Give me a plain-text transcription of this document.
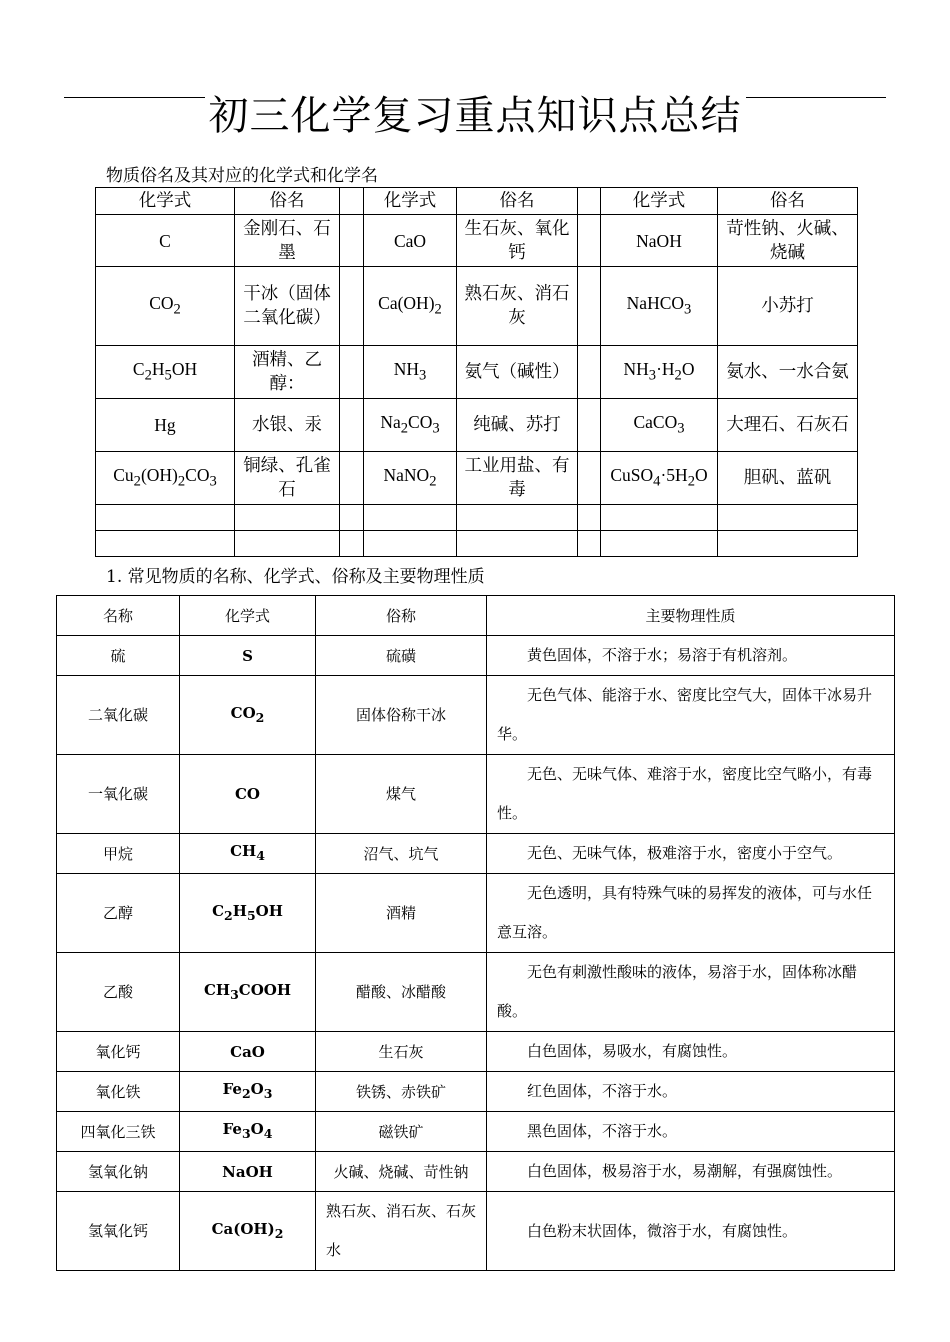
初三化学复习重点知识点总结
物质俗名及其对应的化学式和化学名
化学式	俗名		化学式	俗名		化学式	俗名
C	金刚石、石墨		CaO	生石灰、氧化钙		NaOH	苛性钠、火碱、烧碱
$CO_2$	干冰（固体二氧化碳）		$Ca(OH)_2$	熟石灰、消石灰		NaHCO$_3$	小苏打
$C_2H_5OH$	酒精、乙醇：		$NH_3$	氨气（碱性）		$NH_3\cdot H_2O$	氨水、一水合氨
Hg	水银、汞		$Na_2CO_3$	纯碱、苏打		CaCO$_3$	大理石、石灰石
$Cu_2(OH)_2CO_3$	铜绿、孔雀石		NaNO$_2$	工业用盐、有毒		$CuSO_4\cdot 5H_2O$	胆矾、蓝矾

1. 常见物质的名称、化学式、俗称及主要物理性质
名称	化学式	俗称	主要物理性质
硫	S	硫磺	黄色固体，不溶于水；易溶于有机溶剂。

二氧化碳	$CO_2$	固体俗称干冰	无色气体、能溶于水、密度比空气大，固体干冰易升华。

一氧化碳	CO	煤气	无色、无味气体、难溶于水，密度比空气略小，有毒性。

甲烷	$CH_4$	沼气、坑气	无色、无味气体，极难溶于水，密度小于空气。

乙醇	$C_2H_5OH$	酒精	无色透明，具有特殊气味的易挥发的液体，可与水任意互溶。

乙酸	$CH_3COOH$	醋酸、冰醋酸	无色有刺激性酸味的液体，易溶于水，固体称冰醋酸。

氧化钙	CaO	生石灰	白色固体，易吸水，有腐蚀性。

氧化铁	$Fe_2O_3$	铁锈、赤铁矿	红色固体，不溶于水。

四氧化三铁	$Fe_3O_4$	磁铁矿	黑色固体，不溶于水。

氢氧化钠	NaOH	火碱、烧碱、苛性钠	白色固体，极易溶于水，易潮解，有强腐蚀性。

氢氧化钙	$Ca(OH)_2$	熟石灰、消石灰、石灰水	白色粉末状固体，微溶于水，有腐蚀性。
